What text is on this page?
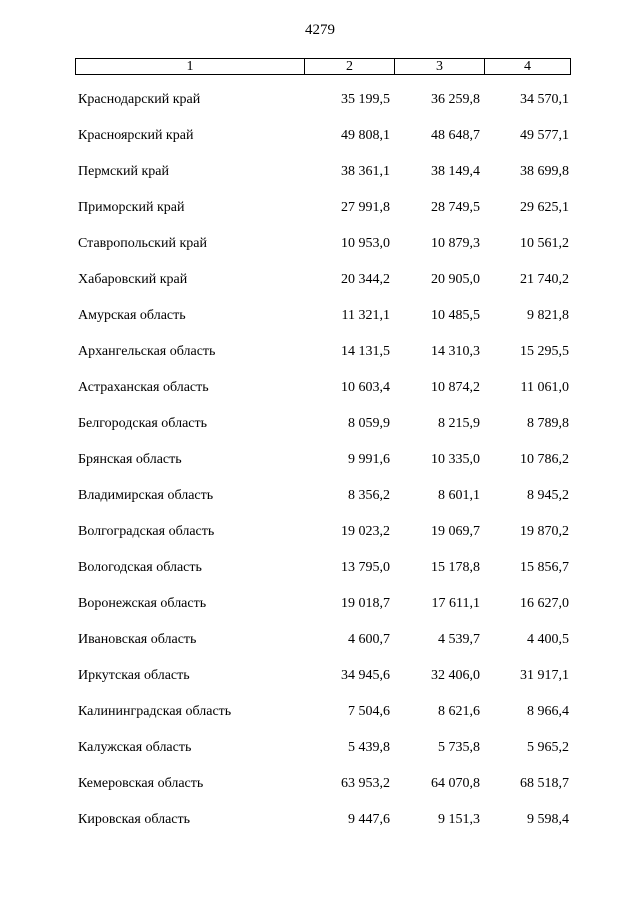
4279
1	2	3	4
Краснодарский край	35 199,5	36 259,8	34 570,1
Красноярский край	49 808,1	48 648,7	49 577,1
Пермский край	38 361,1	38 149,4	38 699,8
Приморский край	27 991,8	28 749,5	29 625,1
Ставропольский край	10 953,0	10 879,3	10 561,2
Хабаровский край	20 344,2	20 905,0	21 740,2
Амурская область	11 321,1	10 485,5	9 821,8
Архангельская область	14 131,5	14 310,3	15 295,5
Астраханская область	10 603,4	10 874,2	11 061,0
Белгородская область	8 059,9	8 215,9	8 789,8
Брянская область	9 991,6	10 335,0	10 786,2
Владимирская область	8 356,2	8 601,1	8 945,2
Волгоградская область	19 023,2	19 069,7	19 870,2
Вологодская область	13 795,0	15 178,8	15 856,7
Воронежская область	19 018,7	17 611,1	16 627,0
Ивановская область	4 600,7	4 539,7	4 400,5
Иркутская область	34 945,6	32 406,0	31 917,1
Калининградская область	7 504,6	8 621,6	8 966,4
Калужская область	5 439,8	5 735,8	5 965,2
Кемеровская область	63 953,2	64 070,8	68 518,7
Кировская область	9 447,6	9 151,3	9 598,4
